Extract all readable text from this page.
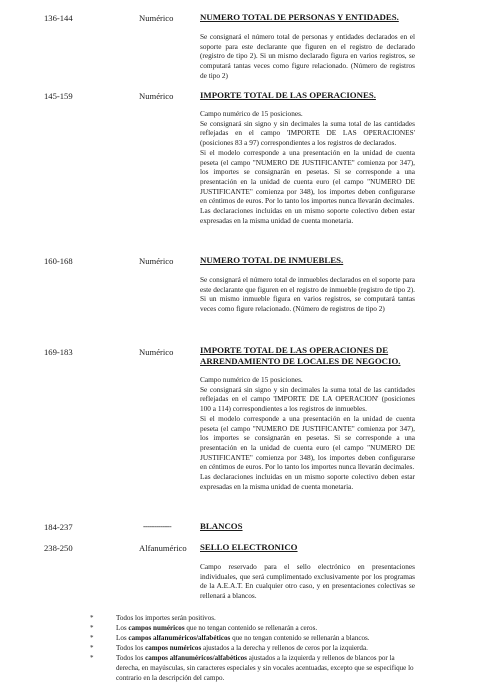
136-144	Numérico	NUMERO TOTAL DE PERSONAS Y ENTIDADES.

Se consignará el número total de personas y entidades declarados en el soporte para este declarante que figuren en el registro de declarado (registro de tipo 2). Si un mismo declarado figura en varios registros, se computará tantas veces como figure relacionado. (Número de registros de tipo 2)

145-159	Numérico	IMPORTE TOTAL DE LAS OPERACIONES.

Campo numérico de 15 posiciones.

Se consignará sin signo y sin decimales la suma total de las cantidades reflejadas en el campo 'IMPORTE DE LAS OPERACIONES' (posiciones 83 a 97) correspondientes a los registros de declarados.

Si el modelo corresponde a una presentación en la unidad de cuenta peseta (el campo "NUMERO DE JUSTIFICANTE" comienza por 347), los importes se consignarán en pesetas. Si se corresponde a una presentación en la unidad de cuenta euro (el campo "NUMERO DE JUSTIFICANTE" comienza por 348), los importes deben configurarse en céntimos de euros. Por lo tanto los importes nunca llevarán decimales.

Las declaraciones incluidas en un mismo soporte colectivo deben estar expresadas en la misma unidad de cuenta monetaria.

160-168	Numérico	NUMERO TOTAL DE INMUEBLES.

Se consignará el número total de inmuebles declarados en el soporte para este declarante que figuren en el registro de inmueble (registro de tipo 2). Si un mismo inmueble figura en varios registros, se computará tantas veces como figure relacionado. (Número de registros de tipo 2)

169-183	Numérico	IMPORTE TOTAL DE LAS OPERACIONES DE
ARRENDAMIENTO DE LOCALES DE NEGOCIO.

Campo numérico de 15 posiciones.

Se consignará sin signo y sin decimales la suma total de las cantidades reflejadas en el campo 'IMPORTE DE LA OPERACION' (posiciones 100 a 114) correspondientes a los registros de inmuebles.

Si el modelo corresponde a una presentación en la unidad de cuenta peseta (el campo "NUMERO DE JUSTIFICANTE" comienza por 347), los importes se consignarán en pesetas. Si se corresponde a una presentación en la unidad de cuenta euro (el campo "NUMERO DE JUSTIFICANTE" comienza por 348), los importes deben configurarse en céntimos de euros. Por lo tanto los importes nunca llevarán decimales.

Las declaraciones incluidas en un mismo soporte colectivo deben estar expresadas en la misma unidad de cuenta monetaria.

184-237	-------------	BLANCOS
238-250	Alfanumérico SELLO ELECTRONICO

Campo reservado para el sello electrónico en presentaciones individuales, que será cumplimentado exclusivamente por los programas de la A.E.A.T. En cualquier otro caso, y en presentaciones colectivas se rellenará a blancos.

*	Todos los importes serán positivos.
*	Los campos numéricos que no tengan contenido se rellenarán a ceros.
*	Los campos alfanuméricos/alfabéticos que no tengan contenido se rellenarán a blancos.
*	Todos los campos numéricos ajustados a la derecha y rellenos de ceros por la izquierda.
*	Todos los campos alfanuméricos/alfabéticos ajustados a la izquierda y rellenos de blancos por la derecha, en mayúsculas, sin caracteres especiales y sin vocales acentuadas, excepto que se especifique lo contrario en la descripción del campo.
